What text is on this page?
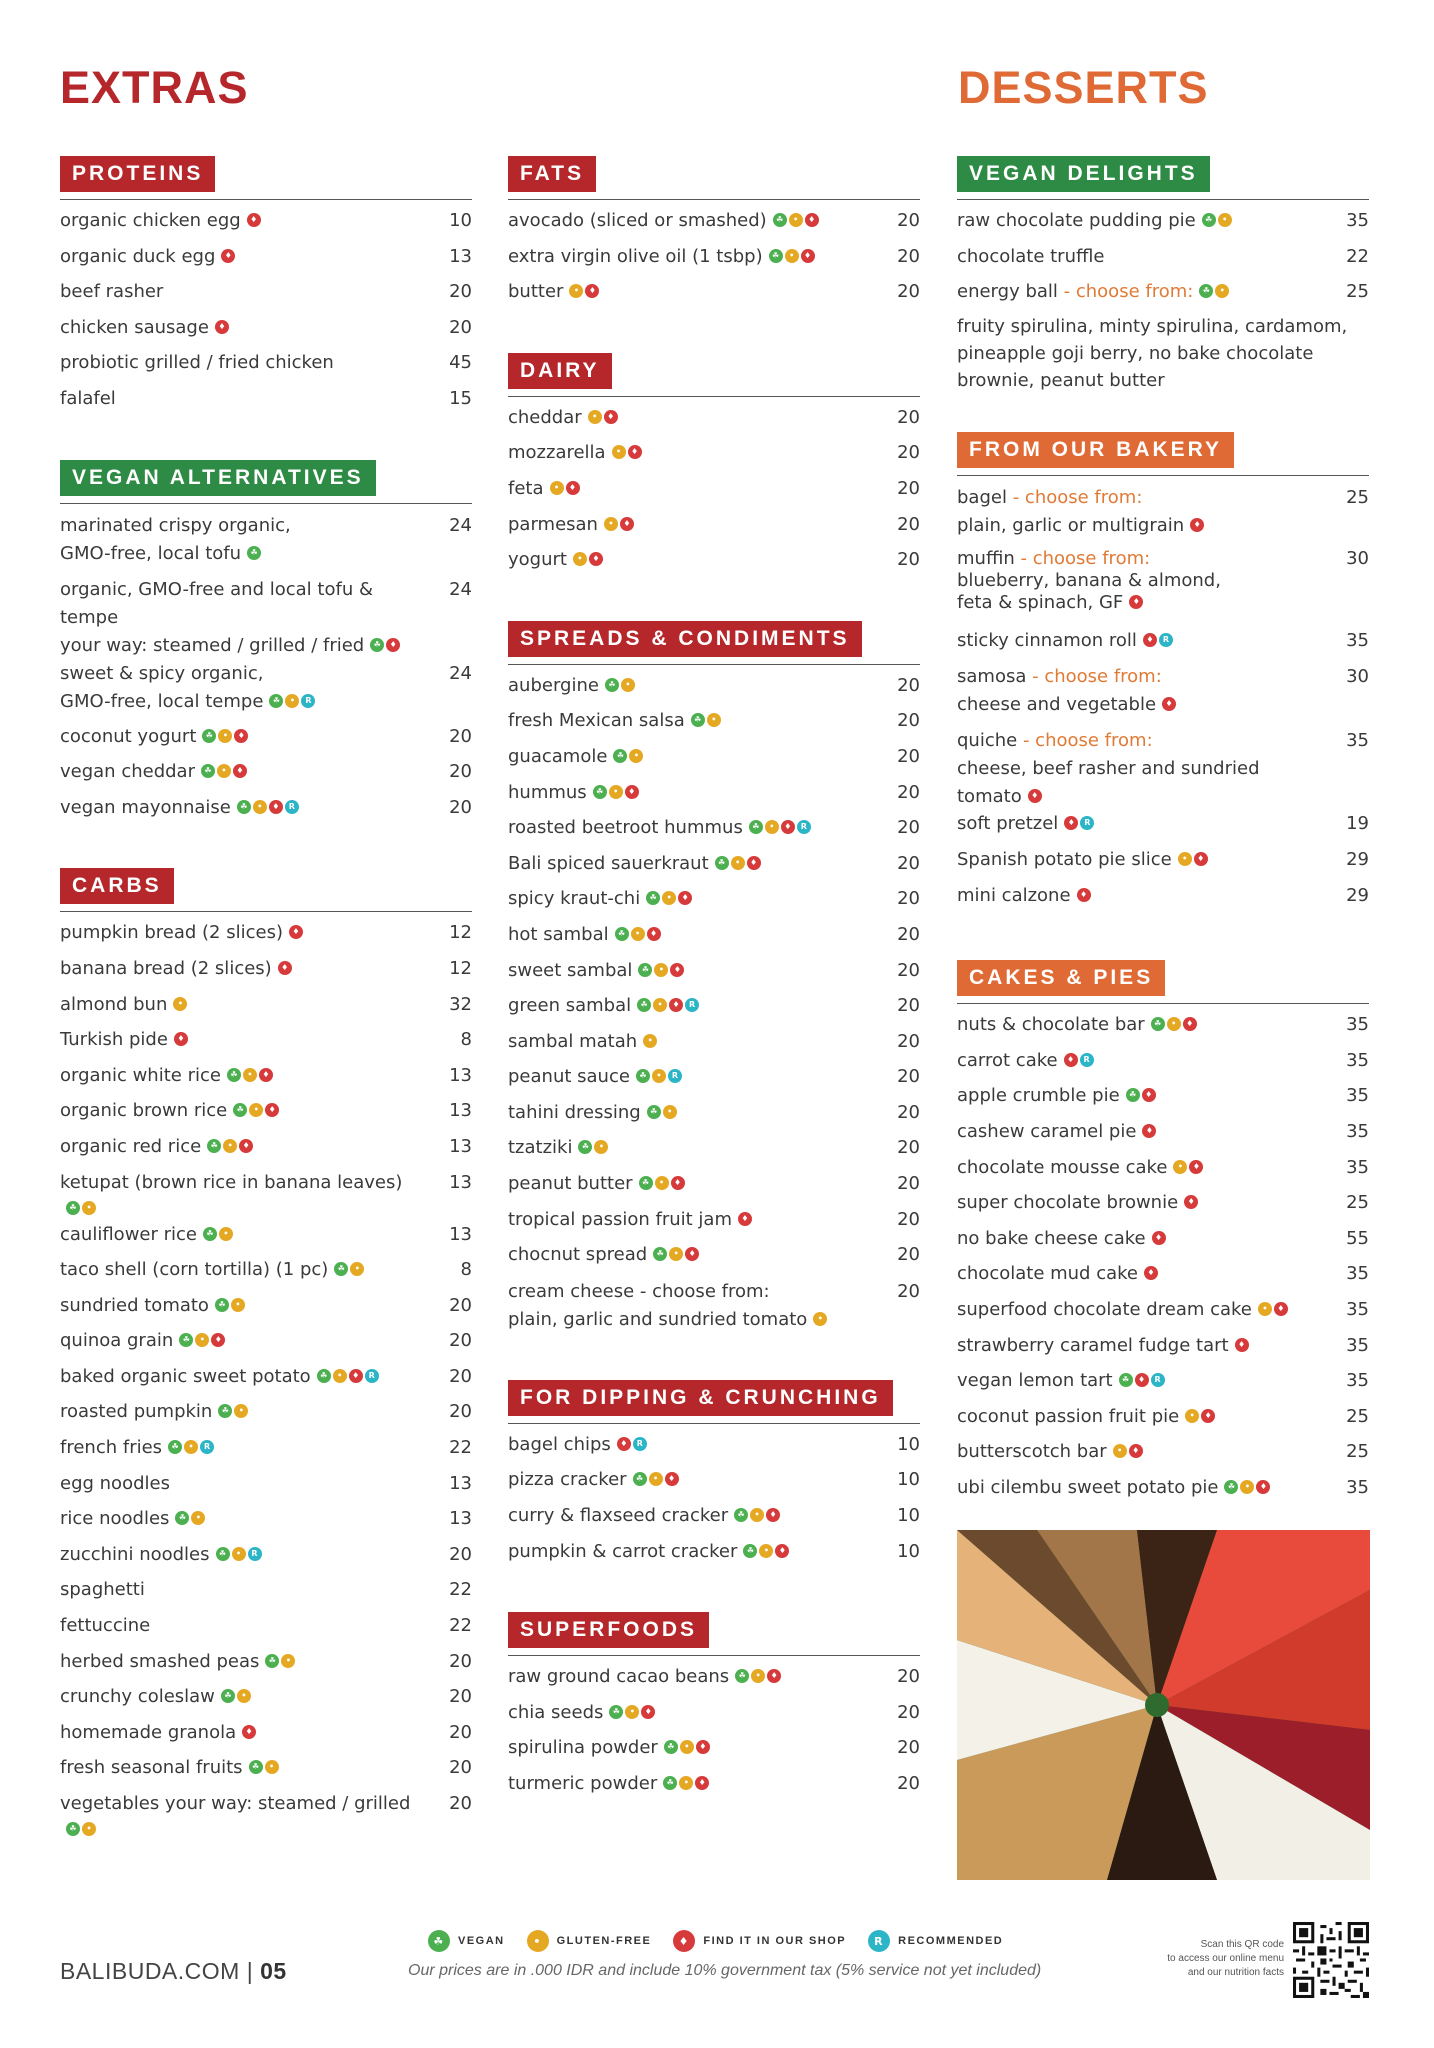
EXTRAS	DESSERTS
PROTEINS
organic chicken egg	♦	10
organic duck egg	♦	13
beef rasher	20
chicken sausage	♦	20
probiotic grilled / fried chicken	45
falafel	15
VEGAN ALTERNATIVES
marinated crispy organic,
GMO-free, local tofu	☘
24
organic, GMO-free and local tofu & tempe
your way: steamed / grilled / fried	☘	♦
24
sweet & spicy organic,
GMO-free, local tempe	☘	•	R
24
coconut yogurt	☘	•	♦	20
vegan cheddar	☘	•	♦	20
vegan mayonnaise	☘	•	♦	R	20
CARBS
pumpkin bread (2 slices)	♦	12
banana bread (2 slices)	♦	12
almond bun	•	32
Turkish pide	♦	8
organic white rice	☘	•	♦	13
organic brown rice	☘	•	♦	13
organic red rice	☘	•	♦	13
ketupat (brown rice in banana leaves)
☘	•
13
cauliflower rice	☘	•	13
taco shell (corn tortilla) (1 pc)	☘	•	8
sundried tomato	☘	•	20
quinoa grain	☘	•	♦	20
baked organic sweet potato	☘	•	♦	R	20
roasted pumpkin	☘	•	20
french fries	☘	•	R	22
egg noodles	13
rice noodles	☘	•	13
zucchini noodles	☘	•	R	20
spaghetti	22
fettuccine	22
herbed smashed peas	☘	•	20
crunchy coleslaw	☘	•	20
homemade granola	♦	20
fresh seasonal fruits	☘	•	20
vegetables your way: steamed / grilled
☘	•
20
FATS
avocado (sliced or smashed)	☘	•	♦	20
extra virgin olive oil (1 tsbp)	☘	•	♦	20
butter	•	♦	20
DAIRY
cheddar	•	♦	20
mozzarella	•	♦	20
feta	•	♦	20
parmesan	•	♦	20
yogurt	•	♦	20
SPREADS & CONDIMENTS
aubergine	☘	•	20
fresh Mexican salsa	☘	•	20
guacamole	☘	•	20
hummus	☘	•	♦	20
roasted beetroot hummus	☘	•	♦	R	20
Bali spiced sauerkraut	☘	•	♦	20
spicy kraut-chi	☘	•	♦	20
hot sambal	☘	•	♦	20
sweet sambal	☘	•	♦	20
green sambal	☘	•	♦	R	20
sambal matah	•	20
peanut sauce	☘	•	R	20
tahini dressing	☘	•	20
tzatziki	☘	•	20
peanut butter	☘	•	♦	20
tropical passion fruit jam	♦	20
chocnut spread	☘	•	♦	20
cream cheese - choose from:
plain, garlic and sundried tomato	•
20
FOR DIPPING & CRUNCHING
bagel chips	♦	R	10
pizza cracker	☘	•	♦	10
curry & flaxseed cracker	☘	•	♦	10
pumpkin & carrot cracker	☘	•	♦	10
SUPERFOODS
raw ground cacao beans	☘	•	♦	20
chia seeds	☘	•	♦	20
spirulina powder	☘	•	♦	20
turmeric powder	☘	•	♦	20
VEGAN DELIGHTS
raw chocolate pudding pie	☘	•	35
chocolate truffle	22
energy ball - choose from:	☘	•	25
fruity spirulina, minty spirulina, cardamom, pineapple goji berry, no bake chocolate brownie, peanut butter
FROM OUR BAKERY
bagel - choose from:
plain, garlic or multigrain	♦
25
muffin - choose from:
blueberry, banana & almond,
feta & spinach, GF	♦
30
sticky cinnamon roll	♦	R	35
samosa - choose from:
cheese and vegetable	♦
30
quiche - choose from:
cheese, beef rasher and sundried tomato	♦
35
soft pretzel	♦	R	19
Spanish potato pie slice	•	♦	29
mini calzone	♦	29
CAKES & PIES
nuts & chocolate bar	☘	•	♦	35
carrot cake	♦	R	35
apple crumble pie	☘	♦	35
cashew caramel pie	♦	35
chocolate mousse cake	•	♦	35
super chocolate brownie	♦	25
no bake cheese cake	♦	55
chocolate mud cake	♦	35
superfood chocolate dream cake	•	♦	35
strawberry caramel fudge tart	♦	35
vegan lemon tart	☘	♦	R	35
coconut passion fruit pie	•	♦	25
butterscotch bar	•	♦	25
ubi cilembu sweet potato pie	☘	•	♦	35
BALIBUDA.COM | 05
☘	VEGAN	•	GLUTEN-FREE	♦	FIND IT IN OUR SHOP	R	RECOMMENDED
Our prices are in .000 IDR and include 10% government tax (5% service not yet included)
Scan this QR code
to access our online menu
and our nutrition facts
